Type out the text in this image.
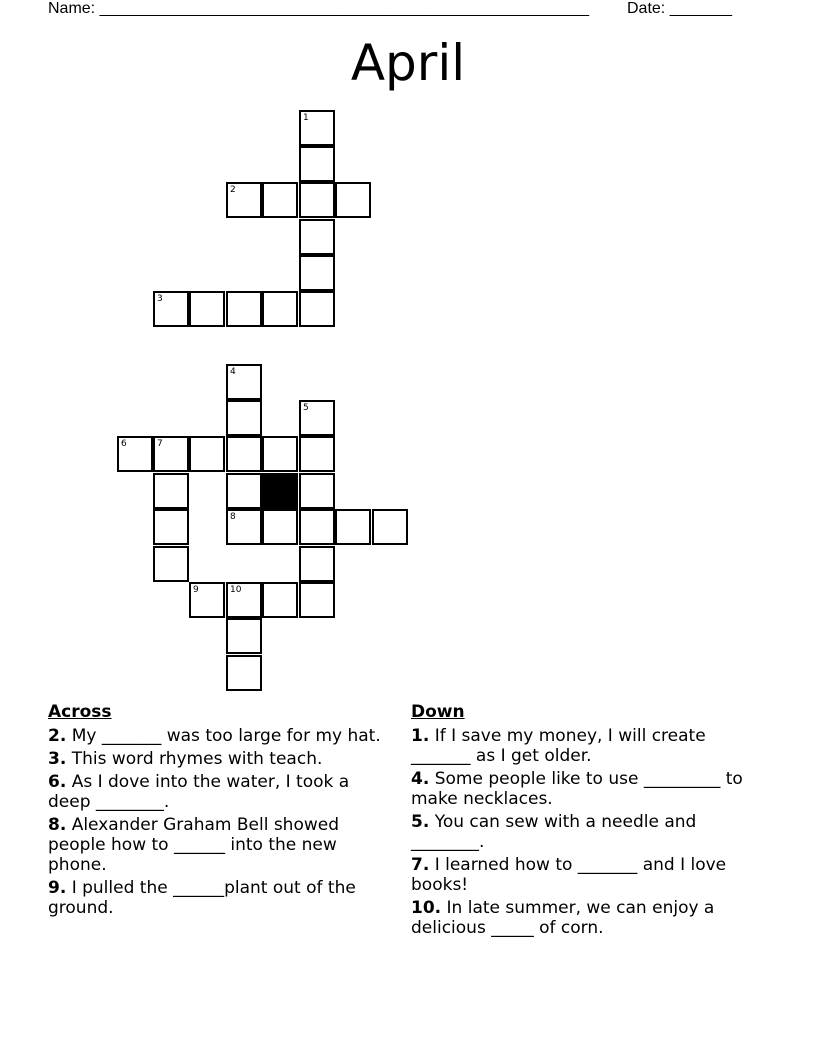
Name: _______________________________________________________ Date: _______
April
1
2
3
4
5
6	7
8
9	10
Across
2. My _______ was too large for my hat.
3. This word rhymes with teach.
6. As I dove into the water, I took a deep ________.
8. Alexander Graham Bell showed people how to ______ into the new phone.
9. I pulled the ______plant out of the ground.
Down
1. If I save my money, I will create _______ as I get older.
4. Some people like to use _________ to make necklaces.
5. You can sew with a needle and ________.
7. I learned how to _______ and I love books!
10. In late summer, we can enjoy a delicious _____ of corn.
